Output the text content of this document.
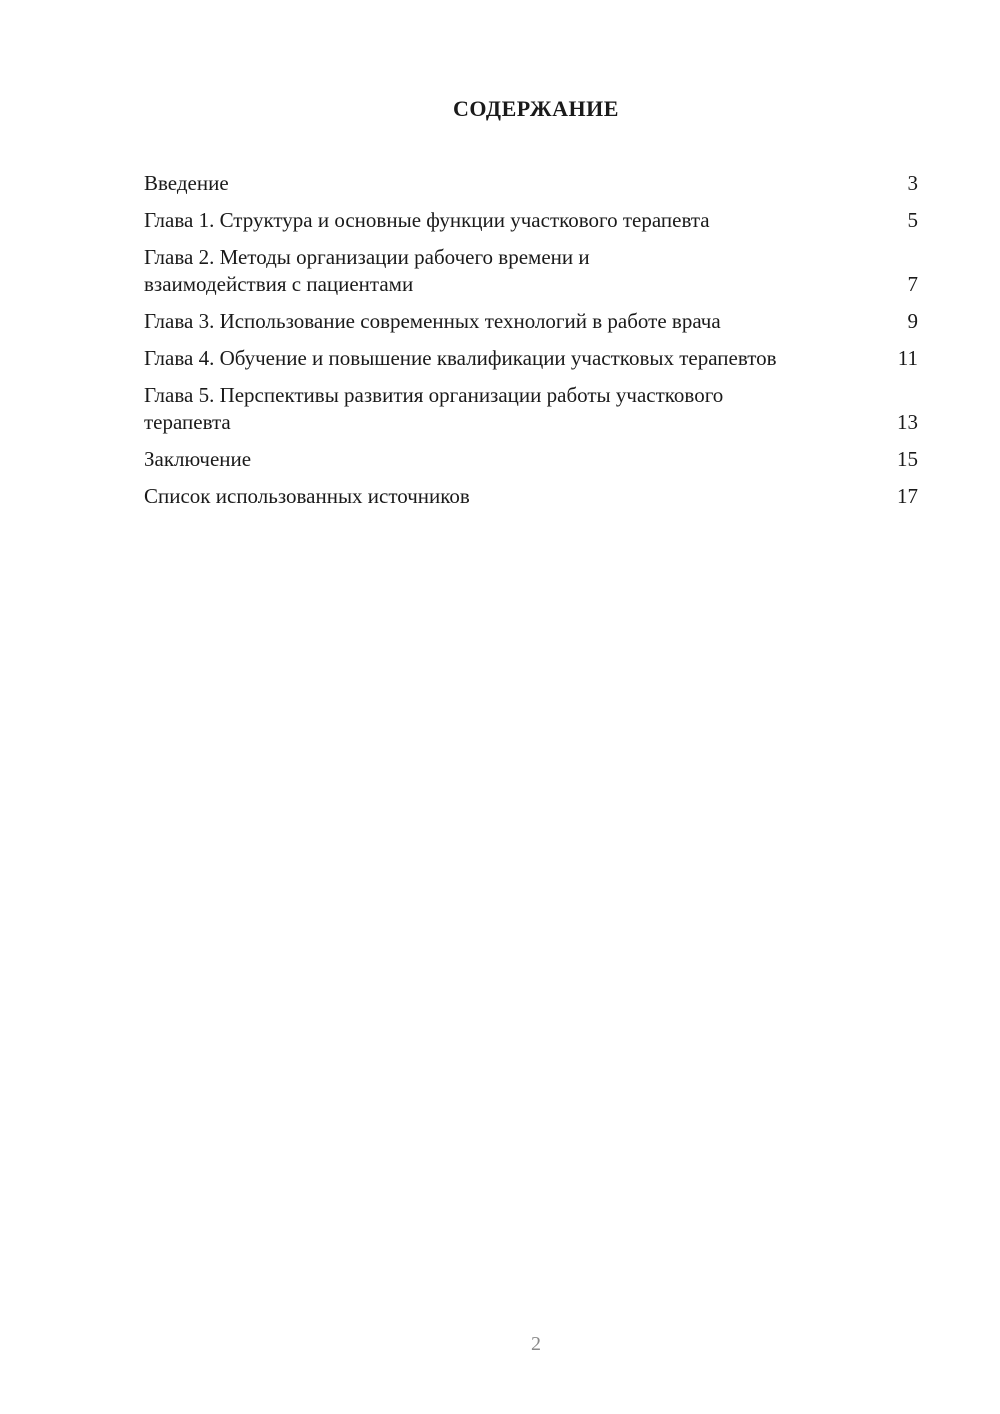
СОДЕРЖАНИЕ
Введение	3
Глава 1. Структура и основные функции участкового терапевта	5
Глава 2. Методы организации рабочего времени и взаимодействия с пациентами	7
Глава 3. Использование современных технологий в работе врача	9
Глава 4. Обучение и повышение квалификации участковых терапевтов	11
Глава 5. Перспективы развития организации работы участкового терапевта	13
Заключение	15
Список использованных источников	17
2
